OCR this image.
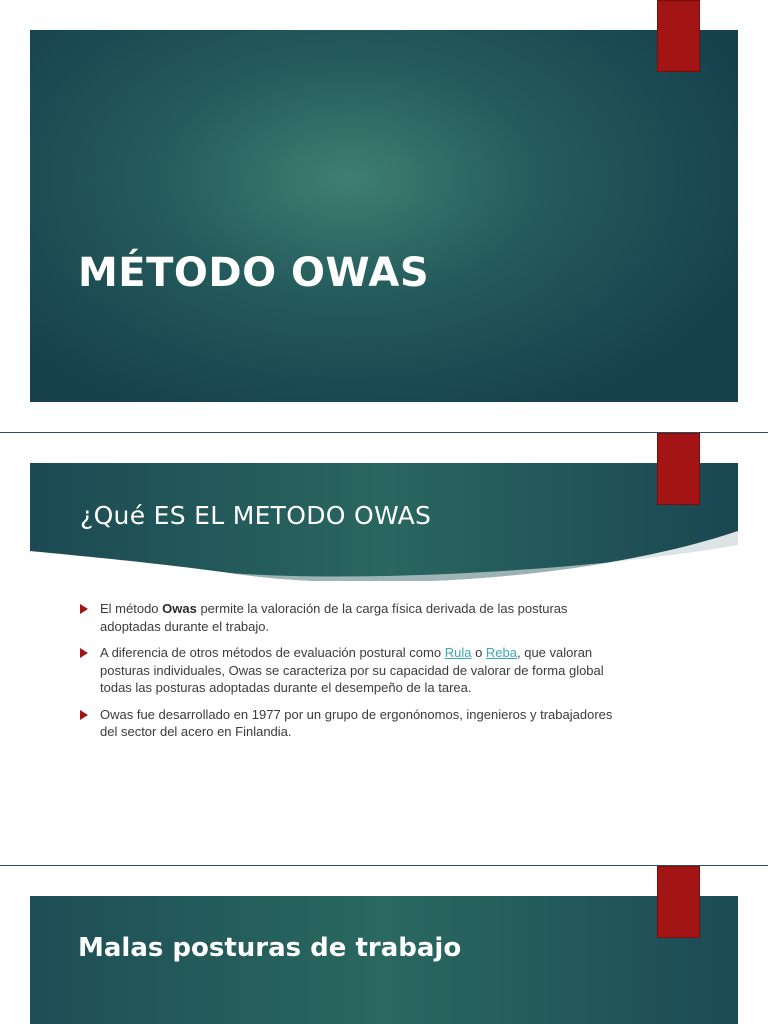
MÉTODO OWAS
¿Qué ES EL METODO OWAS
El método Owas permite la valoración de la carga física derivada de las posturas adoptadas durante el trabajo.
A diferencia de otros métodos de evaluación postural como Rula o Reba, que valoran posturas individuales, Owas se caracteriza por su capacidad de valorar de forma global todas las posturas adoptadas durante el desempeño de la tarea.
Owas fue desarrollado en 1977 por un grupo de ergonónomos, ingenieros y trabajadores del sector del acero en Finlandia.
Malas posturas de trabajo
